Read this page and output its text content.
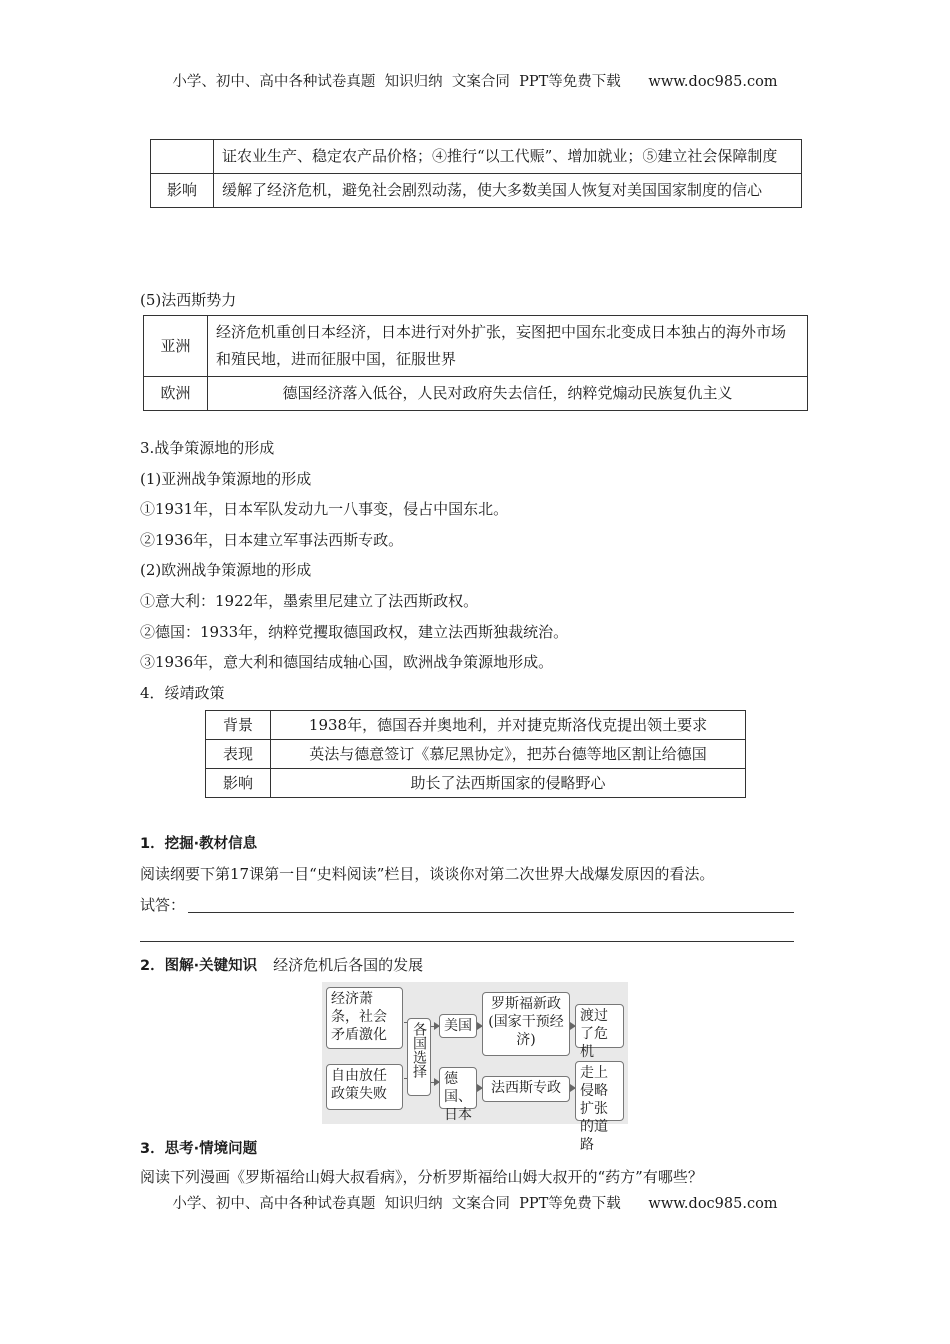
小学、初中、高中各种试卷真题  知识归纳  文案合同  PPT等免费下载      www.doc985.com
	证农业生产、稳定农产品价格；④推行“以工代赈”、增加就业；⑤建立社会保障制度
影响	缓解了经济危机，避免社会剧烈动荡，使大多数美国人恢复对美国国家制度的信心
(5)法西斯势力
亚洲	经济危机重创日本经济，日本进行对外扩张，妄图把中国东北变成日本独占的海外市场和殖民地，进而征服中国，征服世界
欧洲	德国经济落入低谷，人民对政府失去信任，纳粹党煽动民族复仇主义
3.战争策源地的形成
(1)亚洲战争策源地的形成
①1931年，日本军队发动九一八事变，侵占中国东北。
②1936年，日本建立军事法西斯专政。
(2)欧洲战争策源地的形成
①意大利：1922年，墨索里尼建立了法西斯政权。
②德国：1933年，纳粹党攫取德国政权，建立法西斯独裁统治。
③1936年，意大利和德国结成轴心国，欧洲战争策源地形成。
4．绥靖政策
背景	1938年，德国吞并奥地利，并对捷克斯洛伐克提出领土要求
表现	英法与德意签订《慕尼黑协定》，把苏台德等地区割让给德国
影响	助长了法西斯国家的侵略野心
1．挖掘·教材信息
阅读纲要下第17课第一目“史料阅读”栏目，谈谈你对第二次世界大战爆发原因的看法。
试答：
2．图解·关键知识 经济危机后各国的发展
经济萧条，社会矛盾激化
自由放任政策失败
各国选择	美国
德国、日本
罗斯福新政(国家干预经济)
法西斯专政
渡过了危机
走上侵略扩张的道路
3．思考·情境问题
阅读下列漫画《罗斯福给山姆大叔看病》，分析罗斯福给山姆大叔开的“药方”有哪些？
小学、初中、高中各种试卷真题  知识归纳  文案合同  PPT等免费下载      www.doc985.com
